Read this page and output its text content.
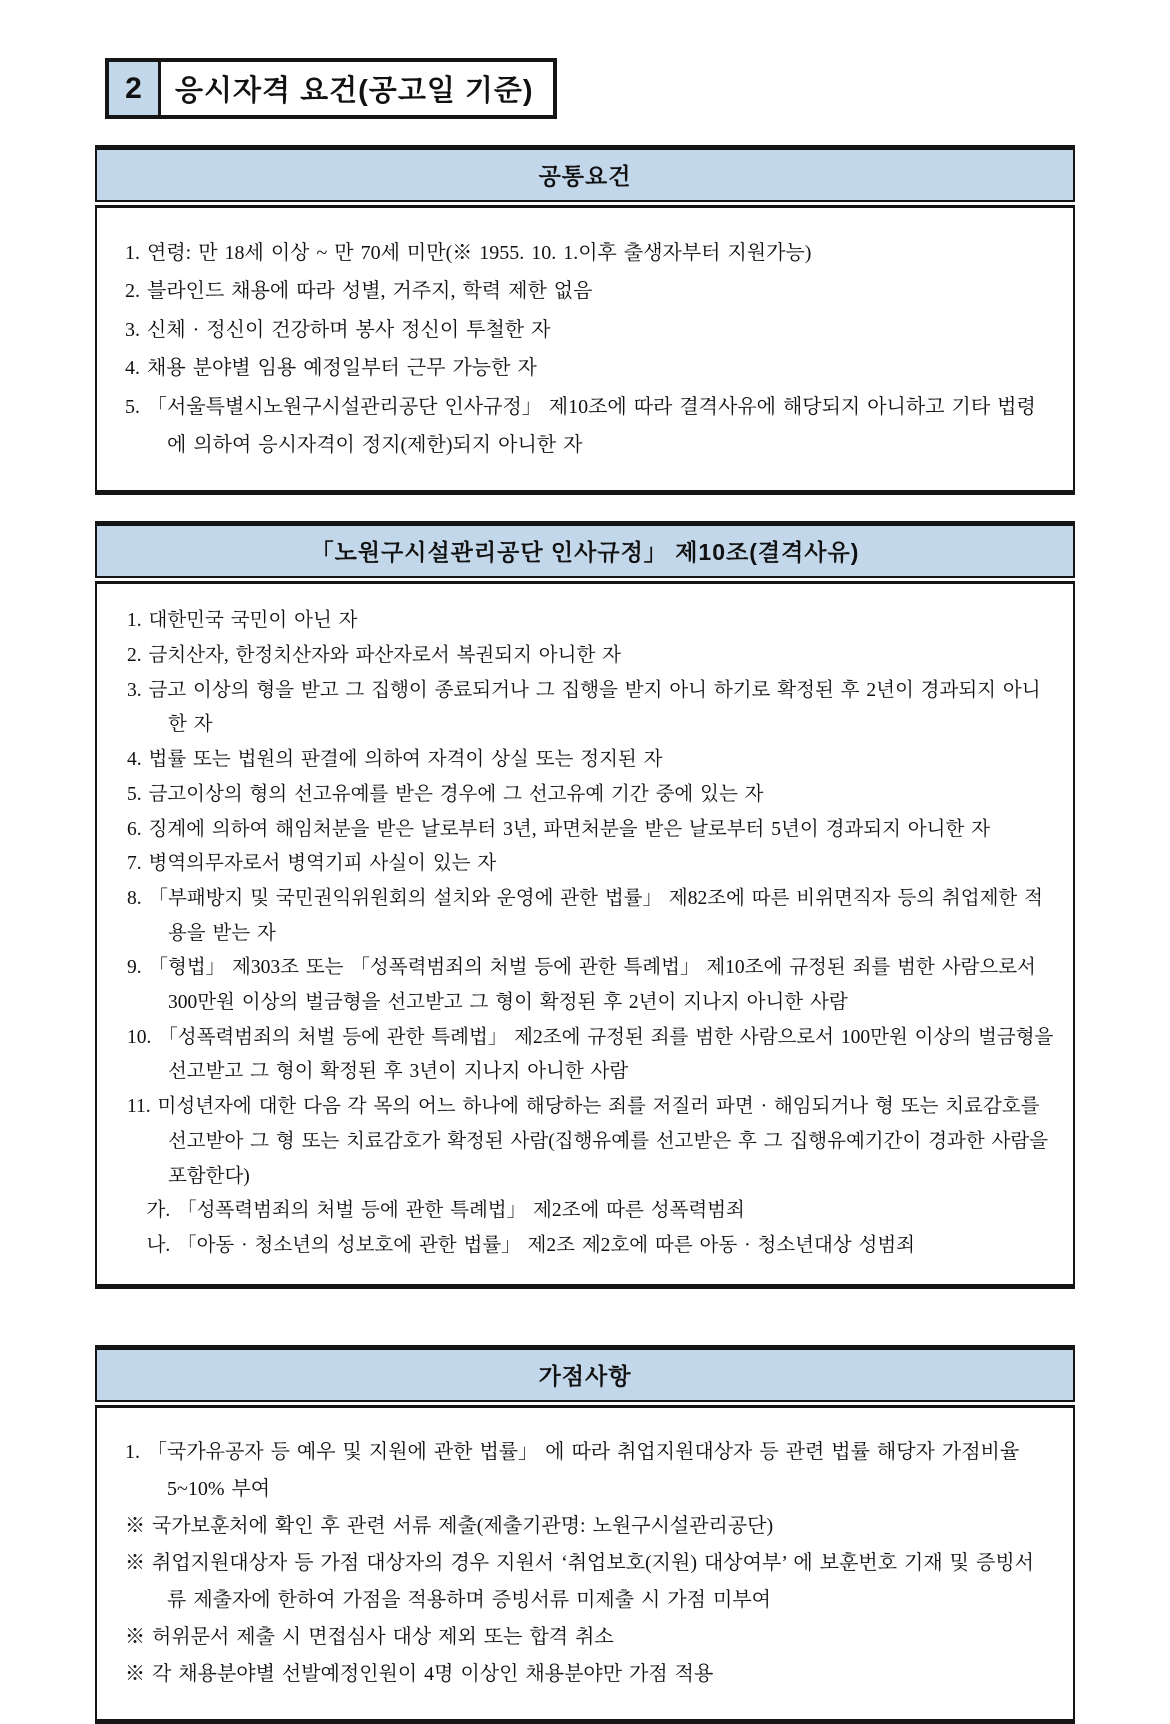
2	응시자격 요건(공고일 기준)
공통요건
1. 연령: 만 18세 이상 ~ 만 70세 미만(※ 1955. 10. 1.이후 출생자부터 지원가능)
2. 블라인드 채용에 따라 성별, 거주지, 학력 제한 없음
3. 신체 · 정신이 건강하며 봉사 정신이 투철한 자
4. 채용 분야별 임용 예정일부터 근무 가능한 자
5. 「서울특별시노원구시설관리공단 인사규정」 제10조에 따라 결격사유에 해당되지 아니하고 기타 법령에 의하여 응시자격이 정지(제한)되지 아니한 자
「노원구시설관리공단 인사규정」 제10조(결격사유)
1. 대한민국 국민이 아닌 자
2. 금치산자, 한정치산자와 파산자로서 복권되지 아니한 자
3. 금고 이상의 형을 받고 그 집행이 종료되거나 그 집행을 받지 아니 하기로 확정된 후 2년이 경과되지 아니한 자
4. 법률 또는 법원의 판결에 의하여 자격이 상실 또는 정지된 자
5. 금고이상의 형의 선고유예를 받은 경우에 그 선고유예 기간 중에 있는 자
6. 징계에 의하여 해임처분을 받은 날로부터 3년, 파면처분을 받은 날로부터 5년이 경과되지 아니한 자
7. 병역의무자로서 병역기피 사실이 있는 자
8. 「부패방지 및 국민권익위원회의 설치와 운영에 관한 법률」 제82조에 따른 비위면직자 등의 취업제한 적용을 받는 자
9. 「형법」 제303조 또는 「성폭력범죄의 처벌 등에 관한 특례법」 제10조에 규정된 죄를 범한 사람으로서 300만원 이상의 벌금형을 선고받고 그 형이 확정된 후 2년이 지나지 아니한 사람
10. 「성폭력범죄의 처벌 등에 관한 특례법」 제2조에 규정된 죄를 범한 사람으로서 100만원 이상의 벌금형을 선고받고 그 형이 확정된 후 3년이 지나지 아니한 사람
11. 미성년자에 대한 다음 각 목의 어느 하나에 해당하는 죄를 저질러 파면 · 해임되거나 형 또는 치료감호를 선고받아 그 형 또는 치료감호가 확정된 사람(집행유예를 선고받은 후 그 집행유예기간이 경과한 사람을 포함한다)
가. 「성폭력범죄의 처벌 등에 관한 특례법」 제2조에 따른 성폭력범죄
나. 「아동 · 청소년의 성보호에 관한 법률」 제2조 제2호에 따른 아동 · 청소년대상 성범죄
가점사항
1. 「국가유공자 등 예우 및 지원에 관한 법률」 에 따라 취업지원대상자 등 관련 법률 해당자 가점비율 5~10% 부여
※ 국가보훈처에 확인 후 관련 서류 제출(제출기관명: 노원구시설관리공단)
※ 취업지원대상자 등 가점 대상자의 경우 지원서 ‘취업보호(지원) 대상여부’ 에 보훈번호 기재 및 증빙서류 제출자에 한하여 가점을 적용하며 증빙서류 미제출 시 가점 미부여
※ 허위문서 제출 시 면접심사 대상 제외 또는 합격 취소
※ 각 채용분야별 선발예정인원이 4명 이상인 채용분야만 가점 적용
